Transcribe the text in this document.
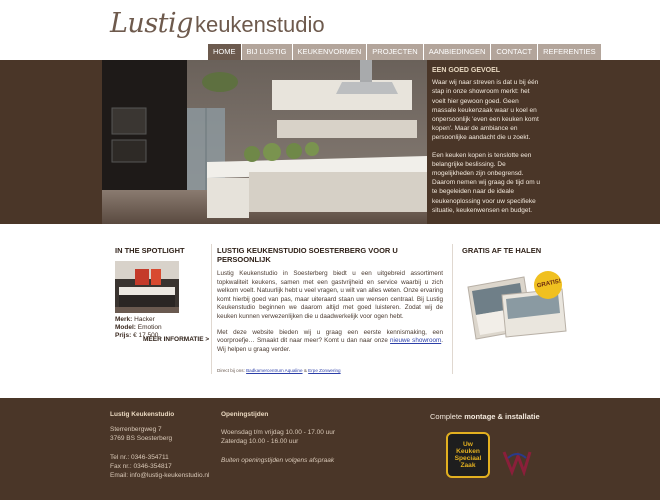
Lustig keukenstudio
HOME	BIJ LUSTIG	KEUKENVORMEN	PROJECTEN	AANBIEDINGEN	CONTACT	REFERENTIES
EEN GOED GEVOEL

Waar wij naar streven is dat u bij één stap in onze showroom merkt: het voelt hier gewoon goed. Geen massale keukenzaak waar u koel en onpersoonlijk 'even een keuken komt kopen'. Maar de ambiance en persoonlijke aandacht die u zoekt.

Een keuken kopen is tenslotte een belangrijke beslissing. De mogelijkheden zijn onbegrensd. Daarom nemen wij graag de tijd om u te begeleiden naar de ideale keukenoplossing voor uw specifieke situatie, keukenwensen en budget.

IN THE SPOTLIGHT
Merk: Hacker
Model: Emotion
Prijs: € 17.500
MEER INFORMATIE >
LUSTIG KEUKENSTUDIO SOESTERBERG VOOR U PERSOONLIJK

Lustig Keukenstudio in Soesterberg biedt u een uitgebreid assortiment topkwaliteit keukens, samen met een gastvrijheid en service waarbij u zich welkom voelt. Natuurlijk hebt u veel vragen, u wilt van alles weten. Onze ervaring komt hierbij goed van pas, maar uiteraard staan uw wensen centraal. Bij Lustig Keukenstudio beginnen we daarom altijd met goed luisteren. Zodat wij de keuken kunnen verwezenlijken die u daadwerkelijk voor ogen hebt.

Met deze website bieden wij u graag een eerste kennismaking, een voorproefje… Smaakt dit naar meer? Komt u dan naar onze nieuwe showroom. Wij helpen u graag verder.

Direct bij ons: Badkamercentrum Aqualine & Erpe Zonwering
GRATIS AF TE HALEN
GRATIS!
Lustig Keukenstudio
Sterrenbergweg 7
3769 BS Soesterberg
Tel nr.: 0346-354711
Fax nr.: 0346-354817
Email: info@lustig-keukenstudio.nl
Openingstijden
Woensdag t/m vrijdag 10.00 - 17.00 uur
Zaterdag 10.00 - 16.00 uur
Buiten openingstijden volgens afspraak
Complete montage & installatie
Uw
Keuken
Speciaal
Zaak
